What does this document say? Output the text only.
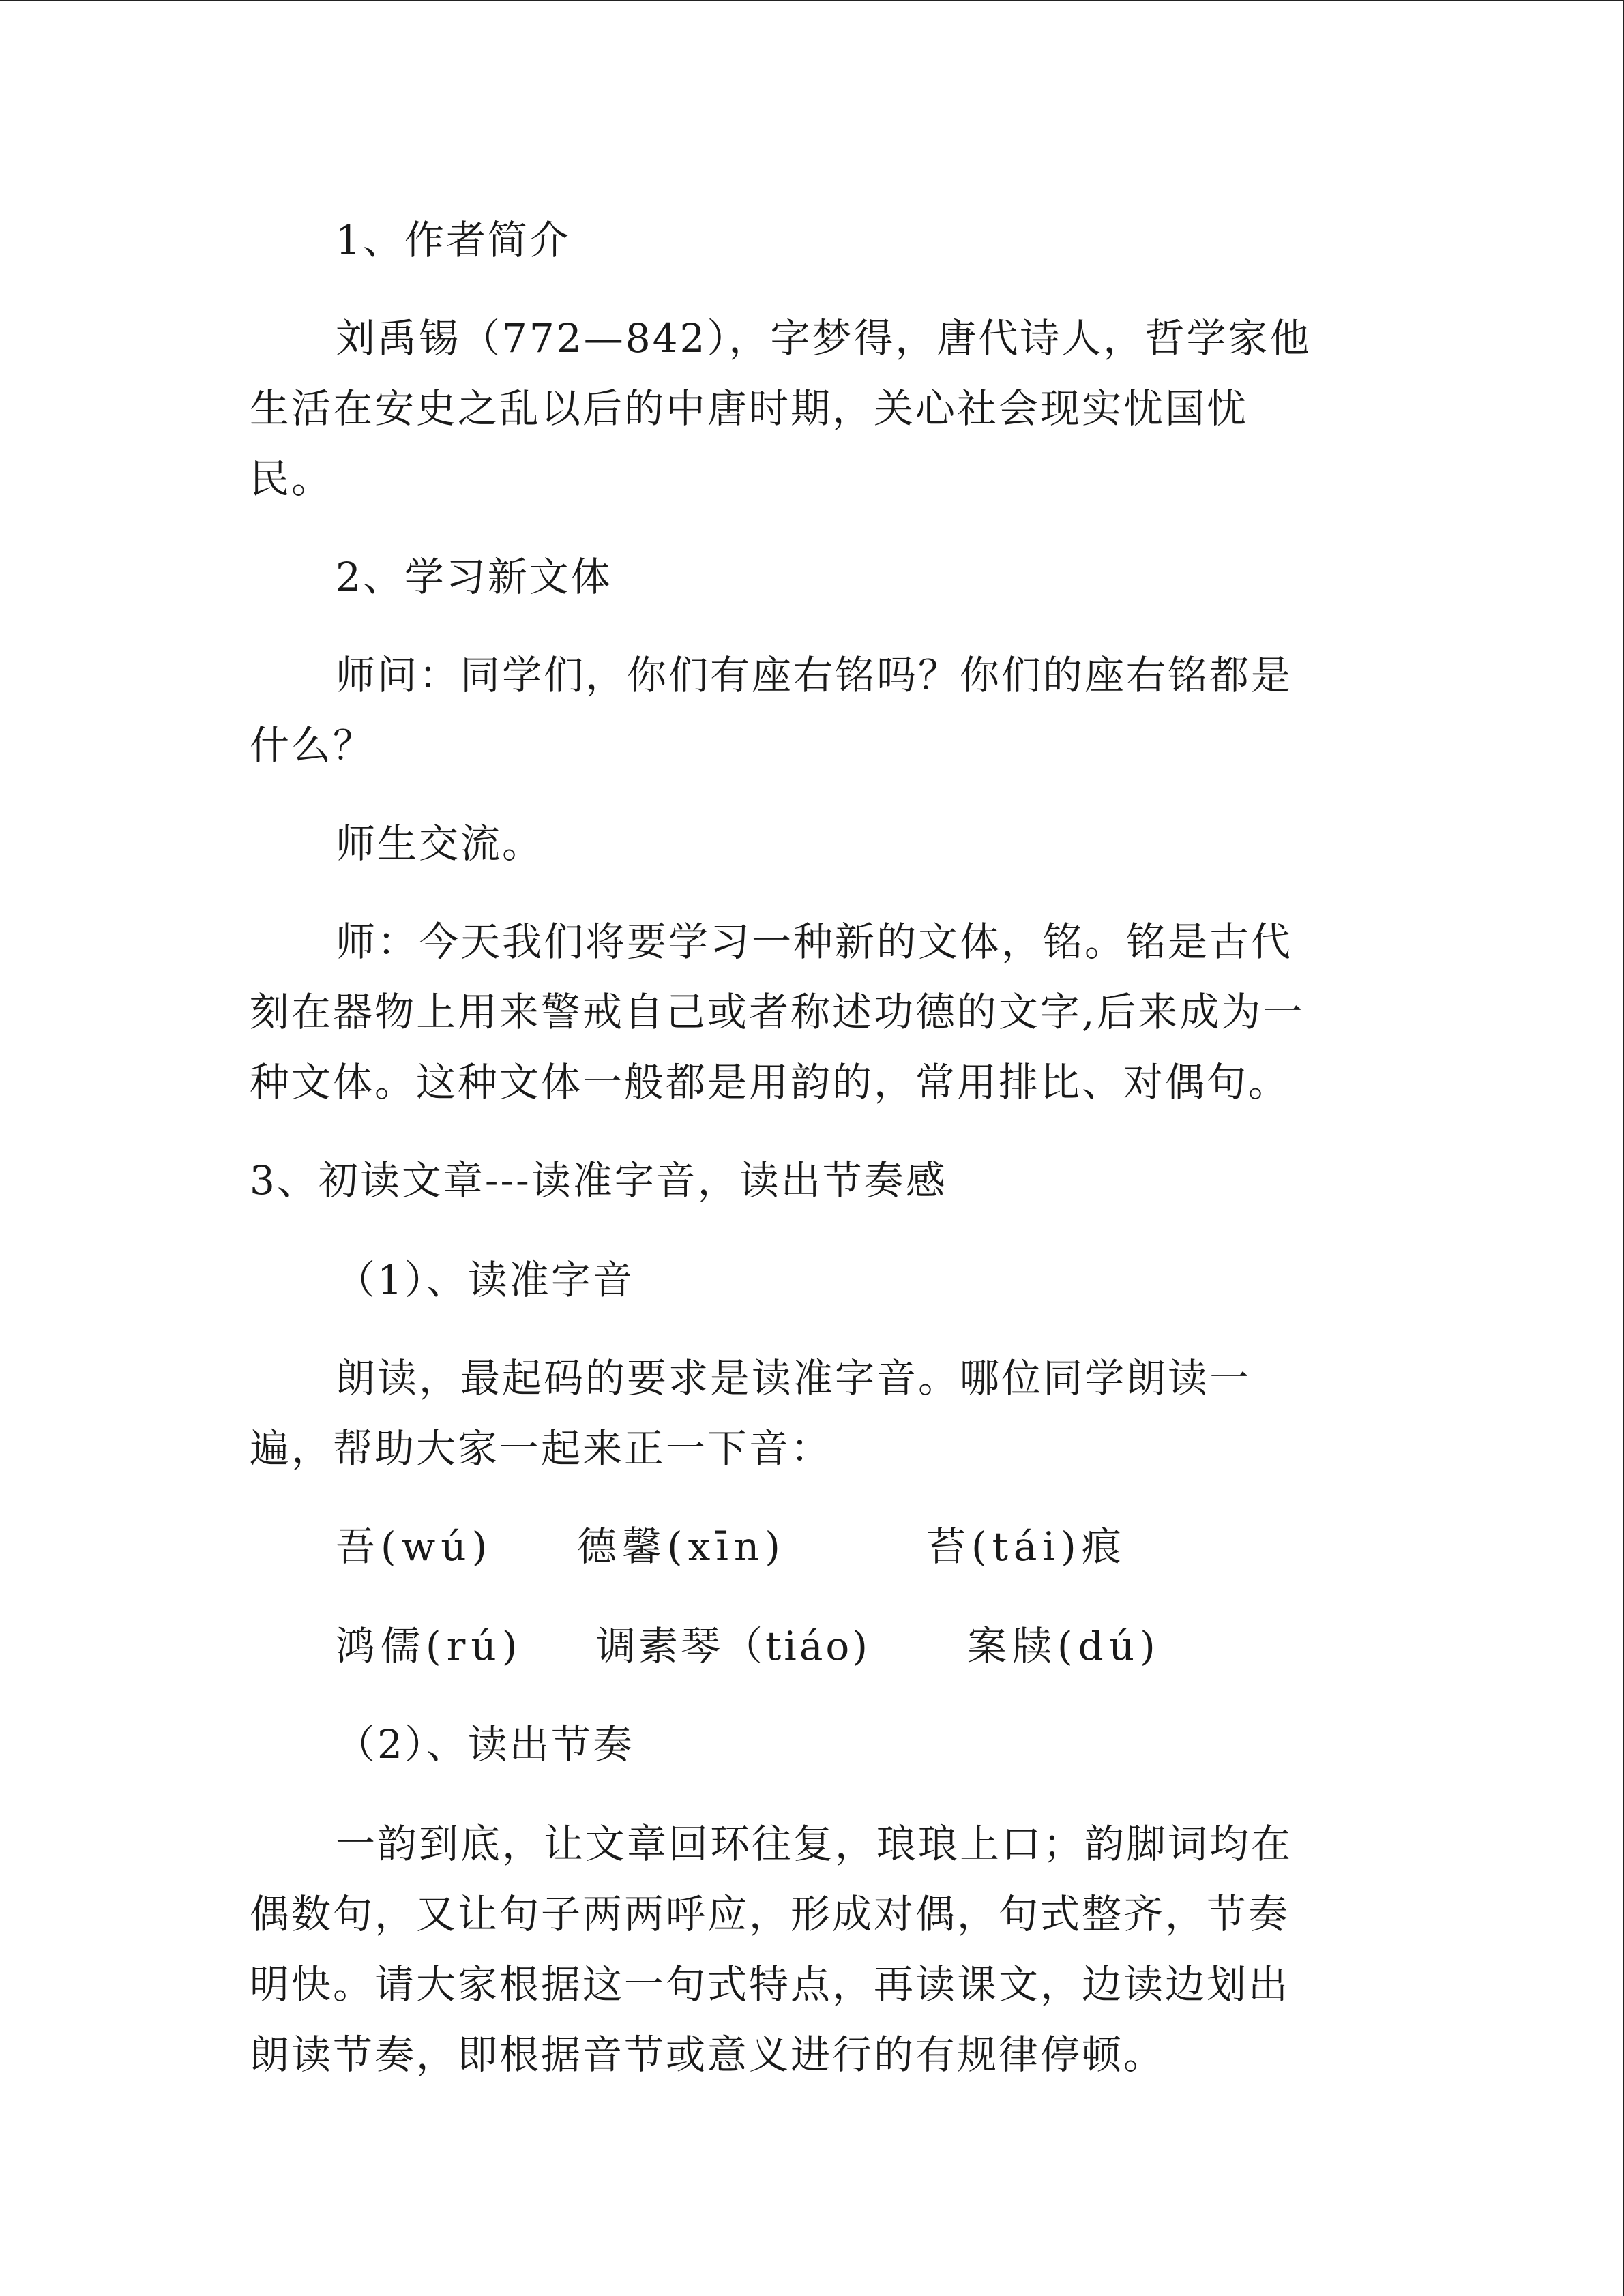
1、作者简介

刘禹锡（772—842），字梦得，唐代诗人，哲学家他

生活在安史之乱以后的中唐时期，关心社会现实忧国忧

民。

2、学习新文体

师问：同学们，你们有座右铭吗？你们的座右铭都是

什么？

师生交流。

师：今天我们将要学习一种新的文体，铭。铭是古代

刻在器物上用来警戒自己或者称述功德的文字,后来成为一

种文体。这种文体一般都是用韵的，常用排比、对偶句。

3、初读文章---读准字音，读出节奏感

（1）、读准字音

朗读，最起码的要求是读准字音。哪位同学朗读一

遍，帮助大家一起来正一下音：

吾(wú) 德馨(xīn)	苔(tái)痕

鸿儒(rú) 调素琴（tiáo) 案牍(dú)

（2）、读出节奏

一韵到底，让文章回环往复，琅琅上口；韵脚词均在

偶数句，又让句子两两呼应，形成对偶，句式整齐，节奏

明快。请大家根据这一句式特点，再读课文，边读边划出

朗读节奏，即根据音节或意义进行的有规律停顿。
